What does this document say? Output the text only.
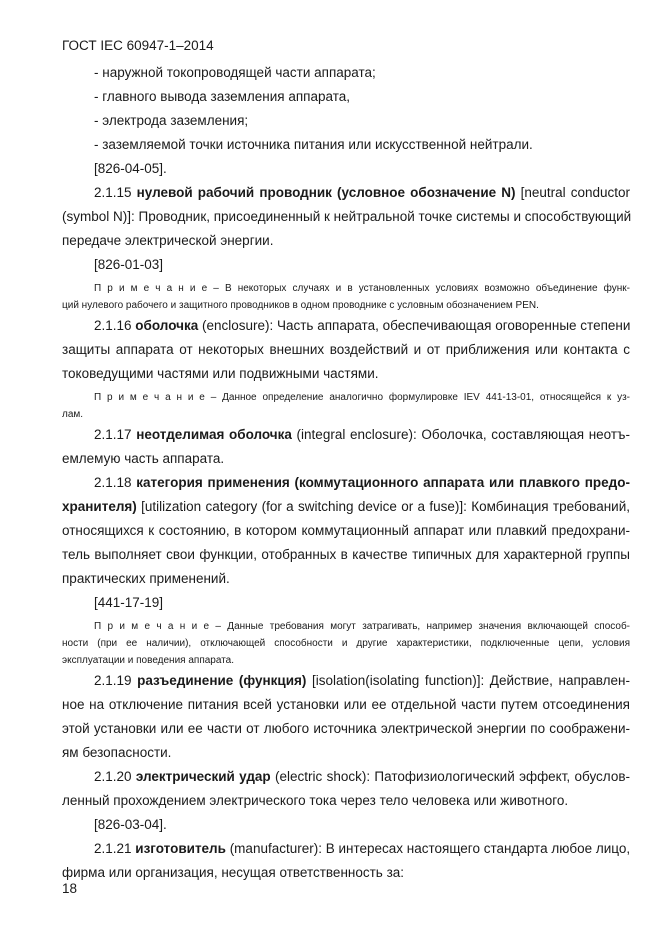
ГОСТ IEC 60947-1–2014
- наружной токопроводящей части аппарата;
- главного вывода заземления аппарата,
- электрода заземления;
- заземляемой точки источника питания или искусственной нейтрали.
[826-04-05].
2.1.15 нулевой рабочий проводник (условное обозначение N) [neutral conductor
(symbol N)]: Проводник, присоединенный к нейтральной точке системы и способствующий
передаче электрической энергии.
[826-01-03]
П р и м е ч а н и е – В некоторых случаях и в установленных условиях возможно объединение функ-
ций нулевого рабочего и защитного проводников в одном проводнике с условным обозначением PEN.
2.1.16 оболочка (enclosure): Часть аппарата, обеспечивающая оговоренные степени
защиты аппарата от некоторых внешних воздействий и от приближения или контакта с
токоведущими частями или подвижными частями.
П р и м е ч а н и е – Данное определение аналогично формулировке IEV 441-13-01, относящейся к уз-
лам.
2.1.17 неотделимая оболочка (integral enclosure): Оболочка, составляющая неотъ-
емлемую часть аппарата.
2.1.18 категория применения (коммутационного аппарата или плавкого предо-
хранителя) [utilization category (for a switching device or a fuse)]: Комбинация требований,
относящихся к состоянию, в котором коммутационный аппарат или плавкий предохрани-
тель выполняет свои функции, отобранных в качестве типичных для характерной группы
практических применений.
[441-17-19]
П р и м е ч а н и е – Данные требования могут затрагивать, например значения включающей способ-
ности (при ее наличии), отключающей способности и другие характеристики, подключенные цепи, условия
эксплуатации и поведения аппарата.
2.1.19 разъединение (функция) [isolation(isolating function)]: Действие, направлен-
ное на отключение питания всей установки или ее отдельной части путем отсоединения
этой установки или ее части от любого источника электрической энергии по соображени-
ям безопасности.
2.1.20 электрический удар (electric shock): Патофизиологический эффект, обуслов-
ленный прохождением электрического тока через тело человека или животного.
[826-03-04].
2.1.21 изготовитель (manufacturer): В интересах настоящего стандарта любое лицо,
фирма или организация, несущая ответственность за:
18
